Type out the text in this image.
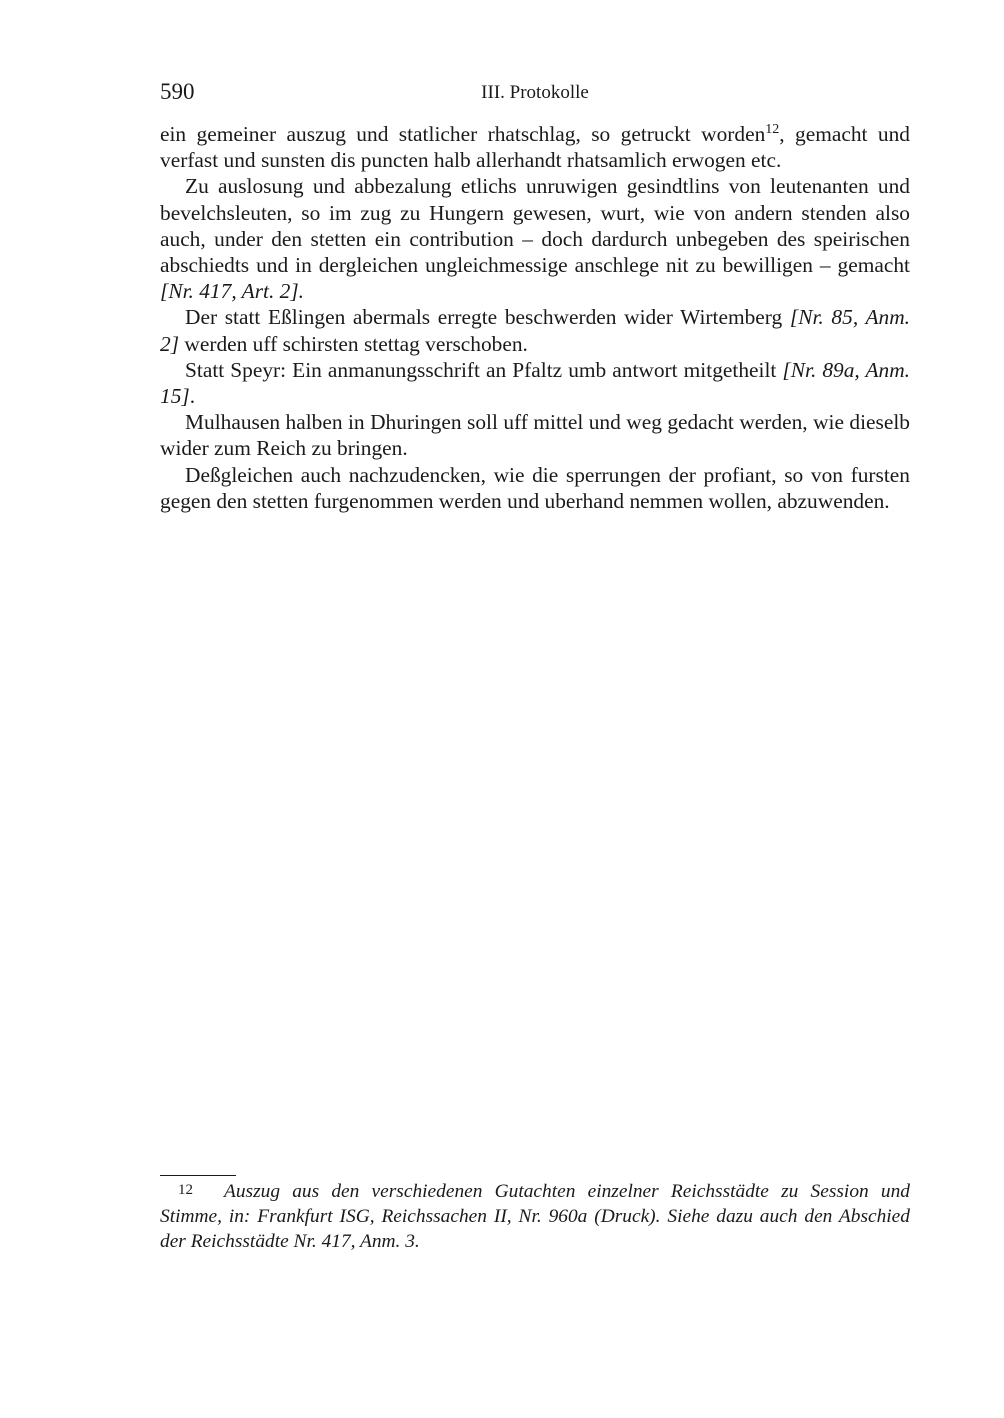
590	III. Protokolle

ein gemeiner auszug und statlicher rhatschlag, so getruckt worden$^{12}$, gemacht und verfast und sunsten dis puncten halb allerhandt rhatsamlich erwogen etc.

Zu auslosung und abbezalung etlichs unruwigen gesindtlins von leutenanten und bevelchsleuten, so im zug zu Hungern gewesen, wurt, wie von andern stenden also auch, under den stetten ein contribution – doch dardurch unbegeben des speirischen abschiedts und in dergleichen ungleichmessige anschlege nit zu bewilligen – gemacht [Nr. 417, Art. 2].

Der statt Eßlingen abermals erregte beschwerden wider Wirtemberg [Nr. 85, Anm. 2] werden uff schirsten stettag verschoben.

Statt Speyr: Ein anmanungsschrift an Pfaltz umb antwort mitgetheilt [Nr. 89a, Anm. 15].

Mulhausen halben in Dhuringen soll uff mittel und weg gedacht werden, wie dieselb wider zum Reich zu bringen.

Deßgleichen auch nachzudencken, wie die sperrungen der profiant, so von fursten gegen den stetten furgenommen werden und uberhand nemmen wollen, abzuwenden.

12 Auszug aus den verschiedenen Gutachten einzelner Reichsstädte zu Session und Stimme, in: Frankfurt ISG, Reichssachen II, Nr. 960a (Druck). Siehe dazu auch den Abschied der Reichsstädte Nr. 417, Anm. 3.
